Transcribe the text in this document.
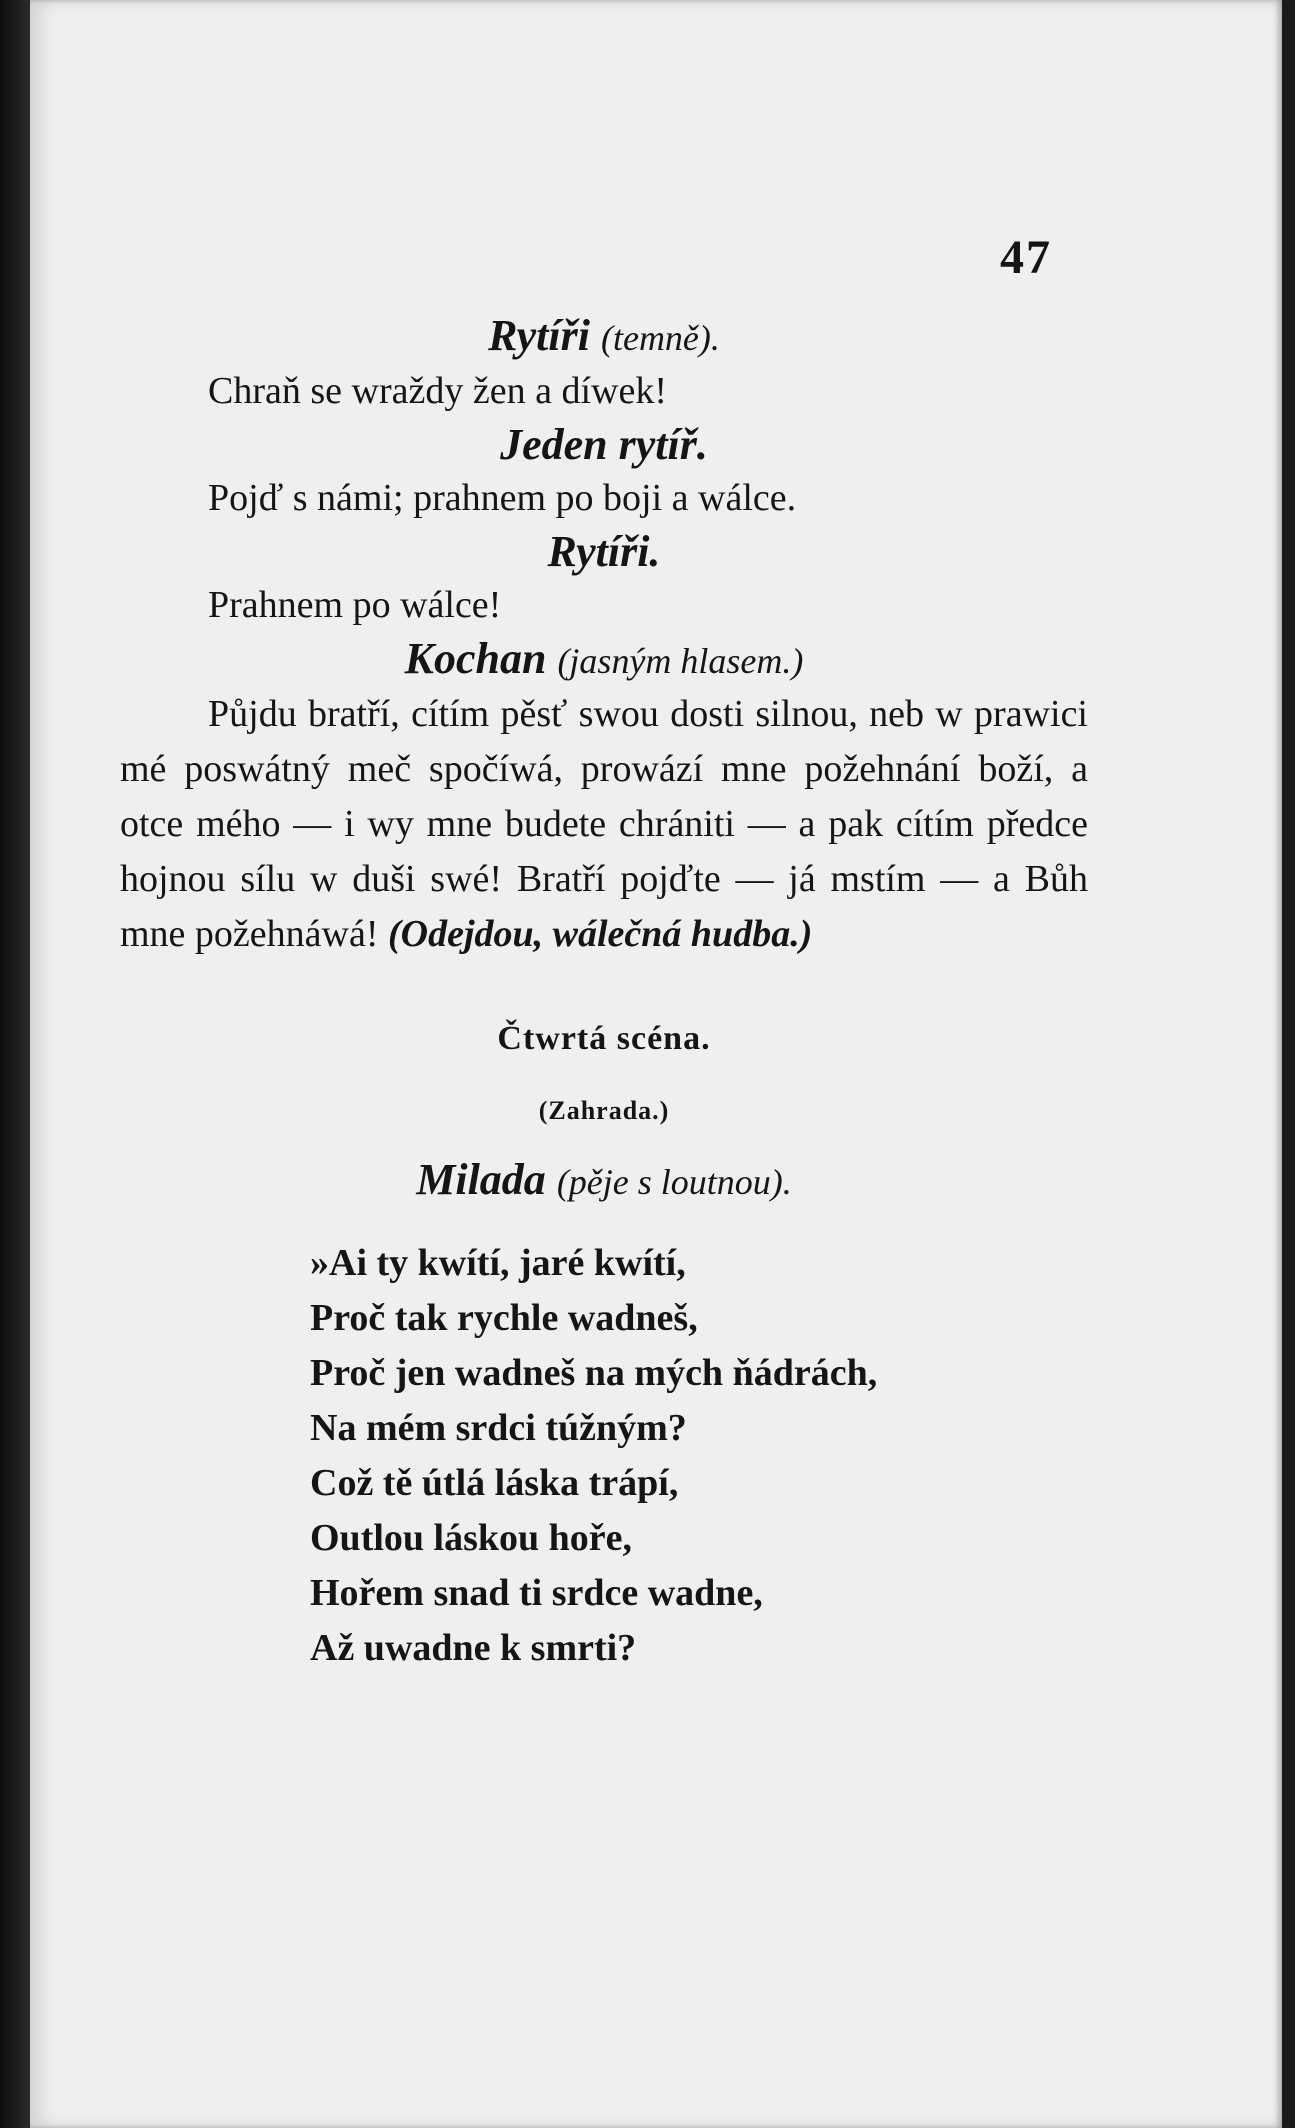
47

Rytíři (temně).

Chraň se wraždy žen a díwek!

Jeden rytíř.

Pojď s námi; prahnem po boji a wálce.

Rytíři.

Prahnem po wálce!

Kochan (jasným hlasem.)

Půjdu bratří, cítím pěsť swou dosti silnou, neb w prawici mé poswátný meč spočíwá, prowází mne požehnání boží, a otce mého — i wy mne budete chrániti — a pak cítím předce hojnou sílu w duši swé! Bratří pojďte — já mstím — a Bůh mne požehnáwá! (Odejdou, wálečná hudba.)

Čtwrtá scéna.

(Zahrada.)

Milada (pěje s loutnou).

»Ai ty kwítí, jaré kwítí,
Proč tak rychle wadneš,
Proč jen wadneš na mých ňádrách,
Na mém srdci túžným?
Což tě útlá láska trápí,
Outlou láskou hoře,
Hořem snad ti srdce wadne,
Až uwadne k smrti?
